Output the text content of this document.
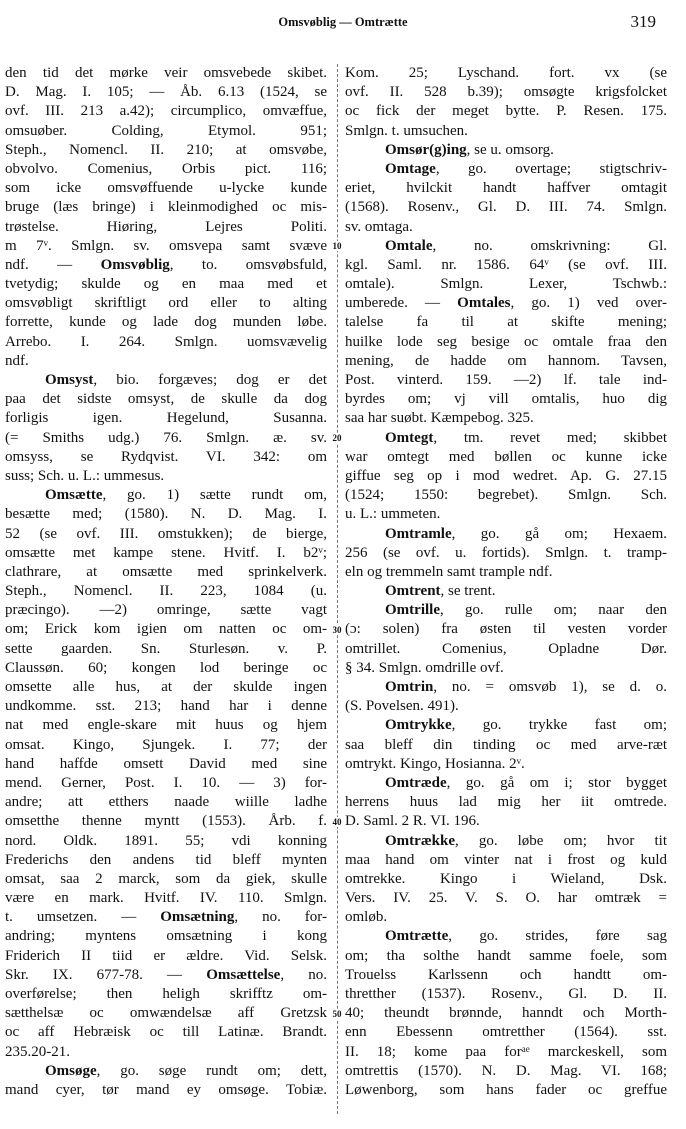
Omsvøblig — Omtrætte	319
10
20
30
40
50
den tid det mørke veir omsvebede skibet.
D. Mag. I. 105; — Åb. 6.13 (1524, se
ovf. III. 213 a.42); circumplico, omvæffue,
omsuøber. Colding, Etymol. 951;
Steph., Nomencl. II. 210; at omsvøbe,
obvolvo. Comenius, Orbis pict. 116;
som icke omsvøffuende u-lycke kunde
bruge (læs bringe) i kleinmodighed oc mis-
trøstelse. Hiøring, Lejres Politi.
m 7ᵛ. Smlgn. sv. omsvepa samt svæve
ndf. — Omsvøblig, to. omsvøbsfuld,
tvetydig; skulde og en maa med et
omsvøbligt skriftligt ord eller to alting
forrette, kunde og lade dog munden løbe.
Arrebo. I. 264. Smlgn. uomsvævelig
ndf.
Omsyst, bio. forgæves; dog er det
paa det sidste omsyst, de skulle da dog
forligis igen. Hegelund, Susanna.
(= Smiths udg.) 76. Smlgn. æ. sv.
omsyss, se Rydqvist. VI. 342: om
suss; Sch. u. L.: ummesus.
Omsætte, go. 1) sætte rundt om,
besætte med; (1580). N. D. Mag. I.
52 (se ovf. III. omstukken); de bierge,
omsætte met kampe stene. Hvitf. I. b2ᵛ;
clathrare, at omsætte med sprinkelverk.
Steph., Nomencl. II. 223, 1084 (u.
præcingo). —2) omringe, sætte vagt
om; Erick kom igien om natten oc om-
sette gaarden. Sn. Sturlesøn. v. P.
Claussøn. 60; kongen lod beringe oc
omsette alle hus, at der skulde ingen
undkomme. sst. 213; hand har i denne
nat med engle-skare mit huus og hjem
omsat. Kingo, Sjungek. I. 77; der
hand haffde omsett David med sine
mend. Gerner, Post. I. 10. — 3) for-
andre; att etthers naade wiille ladhe
omsetthe thenne myntt (1553). Årb. f.
nord. Oldk. 1891. 55; vdi konning
Frederichs den andens tid bleff mynten
omsat, saa 2 marck, som da giek, skulle
være en mark. Hvitf. IV. 110. Smlgn.
t. umsetzen. — Omsætning, no. for-
andring; myntens omsætning i kong
Friderich II tiid er ældre. Vid. Selsk.
Skr. IX. 677-78. — Omsættelse, no.
overførelse; then heligh skrifftz om-
sætthelsæ oc omwændelsæ aff Gretzsk
oc aff Hebræisk oc till Latinæ. Brandt.
235.20-21.
Omsøge, go. søge rundt om; dett,
mand cyer, tør mand ey omsøge. Tobiæ.
Kom. 25; Lyschand. fort. vx (se
ovf. II. 528 b.39); omsøgte krigsfolcket
oc fick der meget bytte. P. Resen. 175.
Smlgn. t. umsuchen.
Omsør(g)ing, se u. omsorg.
Omtage, go. overtage; stigtschriv-
eriet, hvilckit handt haffver omtagit
(1568). Rosenv., Gl. D. III. 74. Smlgn.
sv. omtaga.
Omtale, no. omskrivning: Gl.
kgl. Saml. nr. 1586. 64ᵛ (se ovf. III.
omtale). Smlgn. Lexer, Tschwb.:
umberede. — Omtales, go. 1) ved over-
talelse fa til at skifte mening;
huilke lode seg besige oc omtale fraa den
mening, de hadde om hannom. Tavsen,
Post. vinterd. 159. —2) lf. tale ind-
byrdes om; vj vill omtalis, huo dig
saa har suøbt. Kæmpebog. 325.
Omtegt, tm. revet med; skibbet
war omtegt med bøllen oc kunne icke
giffue seg op i mod wedret. Ap. G. 27.15
(1524; 1550: begrebet). Smlgn. Sch.
u. L.: ummeten.
Omtramle, go. gå om; Hexaem.
256 (se ovf. u. fortids). Smlgn. t. tramp-
eln og tremmeln samt trample ndf.
Omtrent, se trent.
Omtrille, go. rulle om; naar den
(ɔ: solen) fra østen til vesten vorder
omtrillet. Comenius, Opladne Dør.
§ 34. Smlgn. omdrille ovf.
Omtrin, no. = omsvøb 1), se d. o.
(S. Povelsen. 491).
Omtrykke, go. trykke fast om;
saa bleff din tinding oc med arve-ræt
omtrykt. Kingo, Hosianna. 2ᵛ.
Omtræde, go. gå om i; stor bygget
herrens huus lad mig her iit omtrede.
D. Saml. 2 R. VI. 196.
Omtrække, go. løbe om; hvor tit
maa hand om vinter nat i frost og kuld
omtrekke. Kingo i Wieland, Dsk.
Vers. IV. 25. V. S. O. har omtræk =
omløb.
Omtrætte, go. strides, føre sag
om; tha solthe handt samme foele, som
Trouelss Karlssenn och handtt om-
thretther (1537). Rosenv., Gl. D. II.
40; theundt brønnde, hanndt och Morth-
enn Ebessenn omtretther (1564). sst.
II. 18; kome paa forᵃᵉ marckeskell, som
omtrettis (1570). N. D. Mag. VI. 168;
Løwenborg, som hans fader oc greffue
